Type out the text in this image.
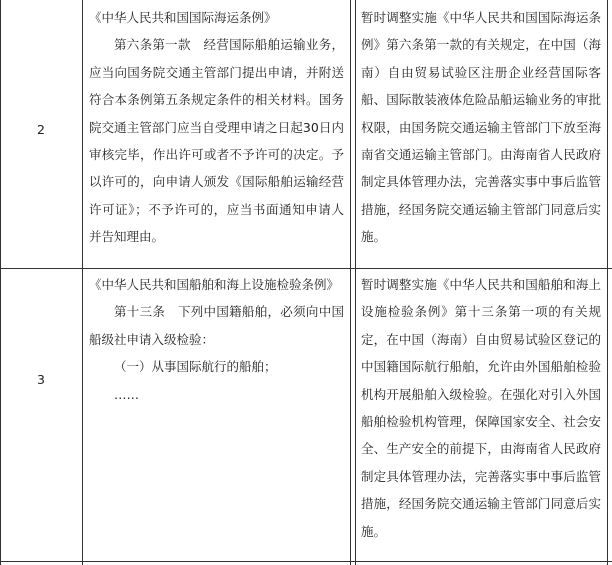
2

《中华人民共和国国际海运条例》

第六条第一款　经营国际船舶运输业务，应当向国务院交通主管部门提出申请，并附送符合本条例第五条规定条件的相关材料。国务院交通主管部门应当自受理申请之日起30日内审核完毕，作出许可或者不予许可的决定。予以许可的，向申请人颁发《国际船舶运输经营许可证》；不予许可的，应当书面通知申请人并告知理由。

暂时调整实施《中华人民共和国国际海运条例》第六条第一款的有关规定，在中国（海南）自由贸易试验区注册企业经营国际客船、国际散装液体危险品船运输业务的审批权限，由国务院交通运输主管部门下放至海南省交通运输主管部门。由海南省人民政府制定具体管理办法，完善落实事中事后监管措施，经国务院交通运输主管部门同意后实施。

3

《中华人民共和国船舶和海上设施检验条例》

第十三条　下列中国籍船舶，必须向中国船级社申请入级检验：

（一）从事国际航行的船舶；

……

暂时调整实施《中华人民共和国船舶和海上设施检验条例》第十三条第一项的有关规定，在中国（海南）自由贸易试验区登记的中国籍国际航行船舶，允许由外国船舶检验机构开展船舶入级检验。在强化对引入外国船舶检验机构管理，保障国家安全、社会安全、生产安全的前提下，由海南省人民政府制定具体管理办法，完善落实事中事后监管措施，经国务院交通运输主管部门同意后实施。
